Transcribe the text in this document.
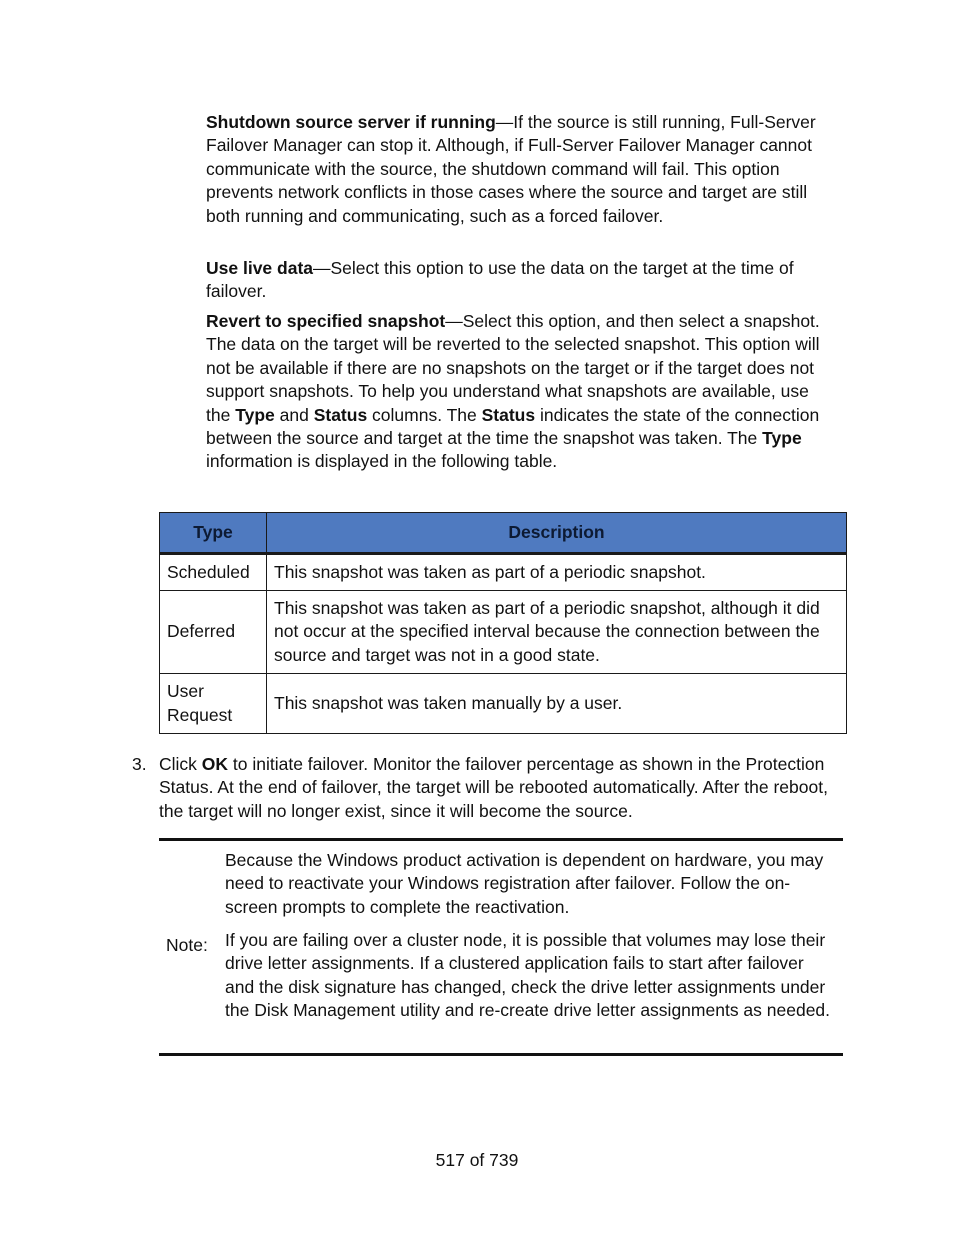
Shutdown source server if running—If the source is still running, Full-Server Failover Manager can stop it. Although, if Full-Server Failover Manager cannot communicate with the source, the shutdown command will fail. This option prevents network conflicts in those cases where the source and target are still both running and communicating, such as a forced failover.

Use live data—Select this option to use the data on the target at the time of failover.

Revert to specified snapshot—Select this option, and then select a snapshot. The data on the target will be reverted to the selected snapshot. This option will not be available if there are no snapshots on the target or if the target does not support snapshots. To help you understand what snapshots are available, use the Type and Status columns. The Status indicates the state of the connection between the source and target at the time the snapshot was taken. The Type information is displayed in the following table.

Type	Description
Scheduled	This snapshot was taken as part of a periodic snapshot.
Deferred	This snapshot was taken as part of a periodic snapshot, although it did not occur at the specified interval because the connection between the source and target was not in a good state.
User Request	This snapshot was taken manually by a user.
3. Click OK to initiate failover. Monitor the failover percentage as shown in the Protection Status. At the end of failover, the target will be rebooted automatically. After the reboot, the target will no longer exist, since it will become the source.
Note:

Because the Windows product activation is dependent on hardware, you may need to reactivate your Windows registration after failover. Follow the on-screen prompts to complete the reactivation.

If you are failing over a cluster node, it is possible that volumes may lose their drive letter assignments. If a clustered application fails to start after failover and the disk signature has changed, check the drive letter assignments under the Disk Management utility and re-create drive letter assignments as needed.

517 of 739
